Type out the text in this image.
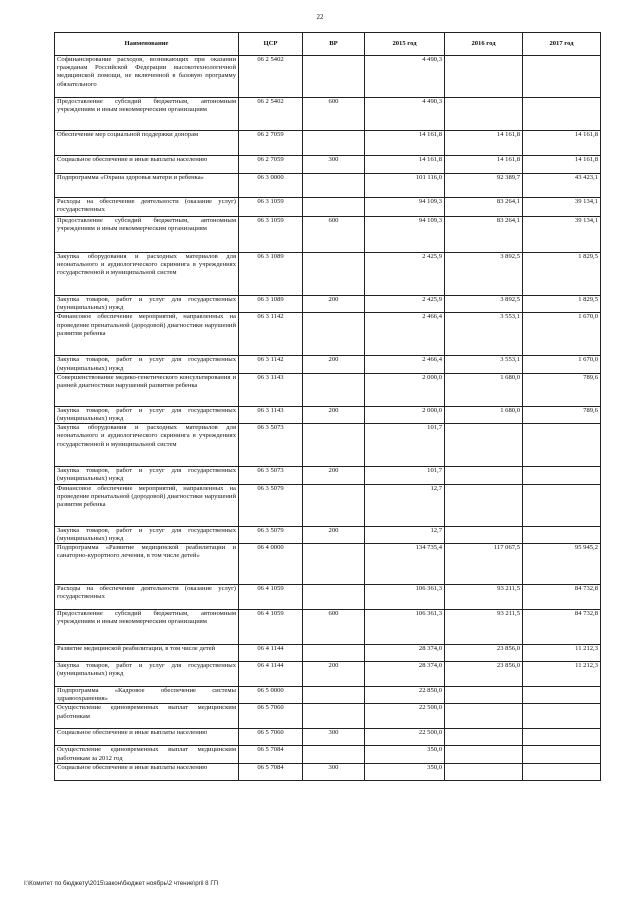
22
Наименование	ЦСР	ВР	2015 год	2016 год	2017 год
Софинансирование расходов, возникающих при оказании гражданам Российской Федерации высокотехнологичной медицинской помощи, не включенной в базовую программу обязательного	06 2 5402		4 490,3		
Предоставление субсидий бюджетным, автономным учреждениям и иным некоммерческим организациям	06 2 5402	600	4 490,3		
Обеспечение мер социальной поддержки донорам	06 2 7059		14 161,8	14 161,8	14 161,8
Социальное обеспечение и иные выплаты населению	06 2 7059	300	14 161,8	14 161,8	14 161,8
Подпрограмма «Охрана здоровья матери и ребенка»	06 3 0000		101 116,0	92 389,7	43 423,1
Расходы на обеспечение деятельности (оказание услуг) государственных	06 3 1059		94 109,3	83 264,1	39 134,1
Предоставление субсидий бюджетным, автономным учреждениям и иным некоммерческим организациям	06 3 1059	600	94 109,3	83 264,1	39 134,1
Закупка оборудования и расходных материалов для неонатального и аудиологического скрининга в учреждениях государственной и муниципальной систем	06 3 1089		2 425,9	3 892,5	1 829,5
Закупка товаров, работ и услуг для государственных (муниципальных) нужд	06 3 1089	200	2 425,9	3 892,5	1 829,5
Финансовое обеспечение мероприятий, направленных на проведение пренатальной (дородовой) диагностики нарушений развития ребенка	06 3 1142		2 466,4	3 553,1	1 670,0
Закупка товаров, работ и услуг для государственных (муниципальных) нужд	06 3 1142	200	2 466,4	3 553,1	1 670,0
Совершенствование медико-генетического консультирования и ранней диагностики нарушений развития ребенка	06 3 1143		2 000,0	1 680,0	789,6
Закупка товаров, работ и услуг для государственных (муниципальных) нужд	06 3 1143	200	2 000,0	1 680,0	789,6
Закупка оборудования и расходных материалов для неонатального и аудиологического скрининга в учреждениях государственной и муниципальной систем	06 3 5073		101,7		
Закупка товаров, работ и услуг для государственных (муниципальных) нужд	06 3 5073	200	101,7		
Финансовое обеспечение мероприятий, направленных на проведение пренатальной (дородовой) диагностики нарушений развития ребенка	06 3 5079		12,7		
Закупка товаров, работ и услуг для государственных (муниципальных) нужд	06 3 5079	200	12,7		
Подпрограмма «Развитие медицинской реабилитации и санаторно-курортного лечения, в том числе детей»	06 4 0000		134 735,4	117 067,5	95 945,2
Расходы на обеспечение деятельности (оказание услуг) государственных	06 4 1059		106 361,3	93 211,5	84 732,8
Предоставление субсидий бюджетным, автономным учреждениям и иным некоммерческим организациям	06 4 1059	600	106 361,3	93 211,5	84 732,8
Развитие медицинской реабилитации, в том числе детей	06 4 1144		28 374,0	23 856,0	11 212,3
Закупка товаров, работ и услуг для государственных (муниципальных) нужд	06 4 1144	200	28 374,0	23 856,0	11 212,3
Подпрограмма «Кадровое обеспечение системы здравоохранения»	06 5 0000		22 850,0		
Осуществление единовременных выплат медицинским работникам	06 5 7060		22 500,0		
Социальное обеспечение и иные выплаты населению	06 5 7060	300	22 500,0		
Осуществление единовременных выплат медицинским работникам за 2012 год	06 5 7084		350,0		
Социальное обеспечение и иные выплаты населению	06 5 7084	300	350,0		
I:\Комитет по бюджету\2015\закон\бюджет ноябрь\2 чтение\pril 8 ГП
